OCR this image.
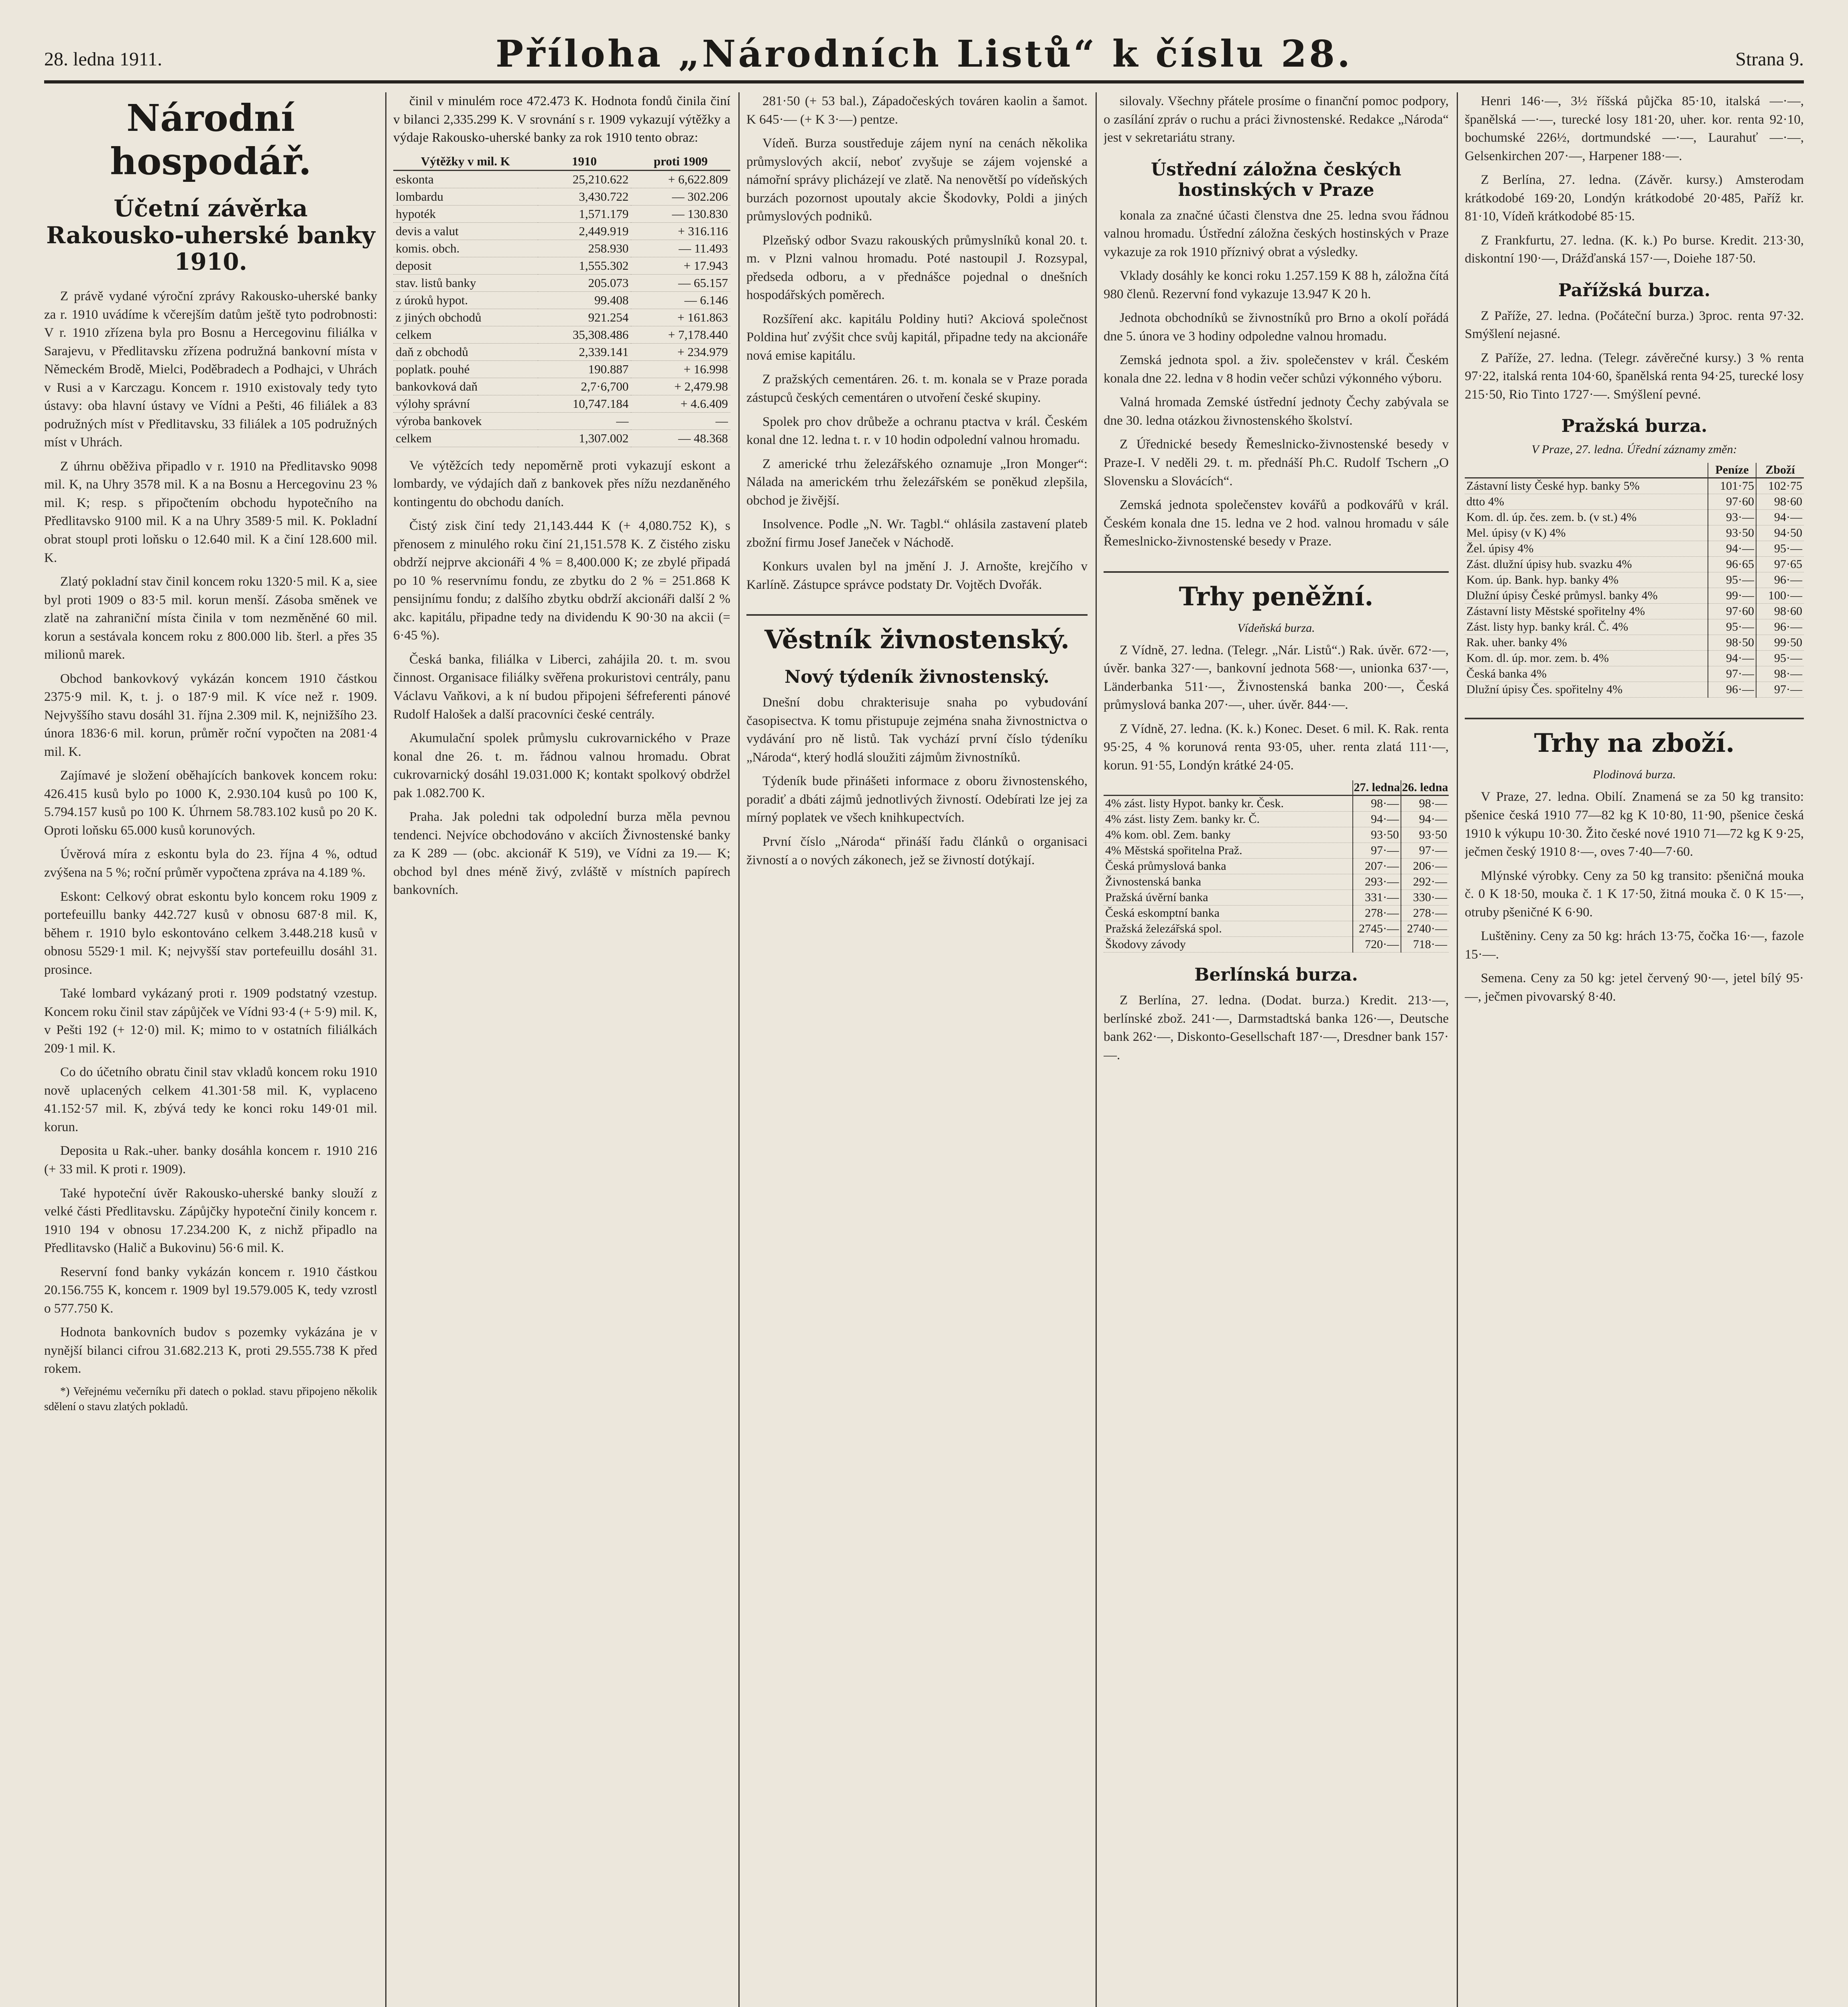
28. ledna 1911.	Příloha „Národních Listů“ k číslu 28.	Strana 9.
Národní hospodář.
Účetní závěrka Rakousko-uherské banky 1910.

Z právě vydané výroční zprávy Rakousko-uherské banky za r. 1910 uvádíme k včerejším datům ještě tyto podrobnosti: V r. 1910 zřízena byla pro Bosnu a Hercegovinu filiálka v Sarajevu, v Předlitavsku zřízena podružná bankovní místa v Německém Brodě, Mielci, Poděbradech a Podhajci, v Uhrách v Rusi a v Karczagu. Koncem r. 1910 existovaly tedy tyto ústavy: oba hlavní ústavy ve Vídni a Pešti, 46 filiálek a 83 podružných míst v Předlitavsku, 33 filiálek a 105 podružných míst v Uhrách.

Z úhrnu oběživa připadlo v r. 1910 na Předlitavsko 9098 mil. K, na Uhry 3578 mil. K a na Bosnu a Hercegovinu 23 % mil. K; resp. s připočtením obchodu hypotečního na Předlitavsko 9100 mil. K a na Uhry 3589·5 mil. K. Pokladní obrat stoupl proti loňsku o 12.640 mil. K a činí 128.600 mil. K.

Zlatý pokladní stav činil koncem roku 1320·5 mil. K a, siee byl proti 1909 o 83·5 mil. korun menší. Zásoba směnek ve zlatě na zahraniční místa činila v tom nezměněné 60 mil. korun a sestávala koncem roku z 800.000 lib. šterl. a přes 35 milionů marek.

Obchod bankovkový vykázán koncem 1910 částkou 2375·9 mil. K, t. j. o 187·9 mil. K více než r. 1909. Nejvyššího stavu dosáhl 31. října 2.309 mil. K, nejnižšího 23. února 1836·6 mil. korun, průměr roční vypočten na 2081·4 mil. K.

Zajímavé je složení oběhajících bankovek koncem roku: 426.415 kusů bylo po 1000 K, 2.930.104 kusů po 100 K, 5.794.157 kusů po 100 K. Úhrnem 58.783.102 kusů po 20 K. Oproti loňsku 65.000 kusů korunových.

Úvěrová míra z eskontu byla do 23. října 4 %, odtud zvýšena na 5 %; roční průměr vypočtena zpráva na 4.189 %.

Eskont: Celkový obrat eskontu bylo koncem roku 1909 z portefeuillu banky 442.727 kusů v obnosu 687·8 mil. K, během r. 1910 bylo eskontováno celkem 3.448.218 kusů v obnosu 5529·1 mil. K; nejvyšší stav portefeuillu dosáhl 31. prosince.

Také lombard vykázaný proti r. 1909 podstatný vzestup. Koncem roku činil stav zápůjček ve Vídni 93·4 (+ 5·9) mil. K, v Pešti 192 (+ 12·0) mil. K; mimo to v ostatních filiálkách 209·1 mil. K.

Co do účetního obratu činil stav vkladů koncem roku 1910 nově uplacených celkem 41.301·58 mil. K, vyplaceno 41.152·57 mil. K, zbývá tedy ke konci roku 149·01 mil. korun.

Deposita u Rak.-uher. banky dosáhla koncem r. 1910 216 (+ 33 mil. K proti r. 1909).

Také hypoteční úvěr Rakousko-uherské banky slouží z velké části Předlitavsku. Zápůjčky hypoteční činily koncem r. 1910 194 v obnosu 17.234.200 K, z nichž připadlo na Předlitavsko (Halič a Bukovinu) 56·6 mil. K.

Reservní fond banky vykázán koncem r. 1910 částkou 20.156.755 K, koncem r. 1909 byl 19.579.005 K, tedy vzrostl o 577.750 K.

Hodnota bankovních budov s pozemky vykázána je v nynější bilanci cifrou 31.682.213 K, proti 29.555.738 K před rokem.

*) Veřejnému večerníku při datech o poklad. stavu připojeno několik sdělení o stavu zlatých pokladů.

činil v minulém roce 472.473 K. Hodnota fondů činila činí v bilanci 2,335.299 K. V srovnání s r. 1909 vykazují výtěžky a výdaje Rakousko-uherské banky za rok 1910 tento obraz:

Výtěžky v mil. K	1910	proti 1909
eskonta	25,210.622	+ 6,622.809
lombardu	3,430.722	— 302.206
hypoték	1,571.179	— 130.830
devis a valut	2,449.919	+ 316.116
komis. obch.	258.930	— 11.493
deposit	1,555.302	+ 17.943
stav. listů banky	205.073	— 65.157
z úroků hypot.	99.408	— 6.146
z jiných obchodů	921.254	+ 161.863
celkem	35,308.486	+ 7,178.440
daň z obchodů	2,339.141	+ 234.979
poplatk. pouhé	190.887	+ 16.998
bankovková daň	2,7·6,700	+ 2,479.98
výlohy správní	10,747.184	+ 4.6.409
výroba bankovek	—	—
celkem	1,307.002	— 48.368

Ve výtěžcích tedy nepoměrně proti vykazují eskont a lombardy, ve výdajích daň z bankovek přes nížu nezdaněného kontingentu do obchodu daních.

Čistý zisk činí tedy 21,143.444 K (+ 4,080.752 K), s přenosem z minulého roku činí 21,151.578 K. Z čistého zisku obdrží nejprve akcionáři 4 % = 8,400.000 K; ze zbylé připadá po 10 % reservnímu fondu, ze zbytku do 2 % = 251.868 K pensijnímu fondu; z dalšího zbytku obdrží akcionáři další 2 % akc. kapitálu, připadne tedy na dividendu K 90·30 na akcii (= 6·45 %).

Česká banka, filiálka v Liberci, zahájila 20. t. m. svou činnost. Organisace filiálky svěřena prokuristovi centrály, panu Václavu Vaňkovi, a k ní budou připojeni šéfreferenti pánové Rudolf Halošek a další pracovníci české centrály.

Akumulační spolek průmyslu cukrovarnického v Praze konal dne 26. t. m. řádnou valnou hromadu. Obrat cukrovarnický dosáhl 19.031.000 K; kontakt spolkový obdržel pak 1.082.700 K.

Praha. Jak poledni tak odpolední burza měla pevnou tendenci. Nejvíce obchodováno v akciích Živnostenské banky za K 289 — (obc. akcionář K 519), ve Vídni za 19.— K; obchod byl dnes méně živý, zvláště v místních papírech bankovních.

281·50 (+ 53 bal.), Západočeských továren kaolin a šamot. K 645·— (+ K 3·—) pentze.

Vídeň. Burza soustředuje zájem nyní na cenách několika průmyslových akcií, neboť zvyšuje se zájem vojenské a námořní správy plicházejí ve zlatě. Na nenovětší po vídeňských burzách pozornost upoutaly akcie Škodovky, Poldi a jiných průmyslových podniků.

Plzeňský odbor Svazu rakouských průmyslníků konal 20. t. m. v Plzni valnou hromadu. Poté nastoupil J. Rozsypal, předseda odboru, a v přednášce pojednal o dnešních hospodářských poměrech.

Rozšíření akc. kapitálu Poldiny huti? Akciová společnost Poldina huť zvýšit chce svůj kapitál, připadne tedy na akcionáře nová emise kapitálu.

Z pražských cementáren. 26. t. m. konala se v Praze porada zástupců českých cementáren o utvoření české skupiny.

Spolek pro chov drůbeže a ochranu ptactva v král. Českém konal dne 12. ledna t. r. v 10 hodin odpolední valnou hromadu.

Z americké trhu železářského oznamuje „Iron Monger“: Nálada na americkém trhu železářském se poněkud zlepšila, obchod je živější.

Insolvence. Podle „N. Wr. Tagbl.“ ohlásila zastavení plateb zbožní firmu Josef Janeček v Náchodě.

Konkurs uvalen byl na jmění J. J. Arnošte, krejčího v Karlíně. Zástupce správce podstaty Dr. Vojtěch Dvořák.

Věstník živnostenský.
Nový týdeník živnostenský.

Dnešní dobu chrakterisuje snaha po vybudování časopisectva. K tomu přistupuje zejména snaha živnostnictva o vydávání pro ně listů. Tak vychází první číslo týdeníku „Národa“, který hodlá sloužiti zájmům živnostníků.

Týdeník bude přinášeti informace z oboru živnostenského, poradiť a dbáti zájmů jednotlivých živností. Odebírati lze jej za mírný poplatek ve všech knihkupectvích.

První číslo „Národa“ přináší řadu článků o organisaci živností a o nových zákonech, jež se živností dotýkají.

silovaly. Všechny přátele prosíme o finanční pomoc podpory, o zasílání zpráv o ruchu a práci živnostenské. Redakce „Národa“ jest v sekretariátu strany.

Ústřední záložna českých hostinských v Praze

konala za značné účasti členstva dne 25. ledna svou řádnou valnou hromadu. Ústřední záložna českých hostinských v Praze vykazuje za rok 1910 příznivý obrat a výsledky.

Vklady dosáhly ke konci roku 1.257.159 K 88 h, záložna čítá 980 členů. Rezervní fond vykazuje 13.947 K 20 h.

Jednota obchodníků se živnostníků pro Brno a okolí pořádá dne 5. února ve 3 hodiny odpoledne valnou hromadu.

Zemská jednota spol. a živ. společenstev v král. Českém konala dne 22. ledna v 8 hodin večer schůzi výkonného výboru.

Valná hromada Zemské ústřední jednoty Čechy zabývala se dne 30. ledna otázkou živnostenského školství.

Z Úřednické besedy Řemeslnicko-živnostenské besedy v Praze-I. V neděli 29. t. m. přednáší Ph.C. Rudolf Tschern „O Slovensku a Slovácích“.

Zemská jednota společenstev kovářů a podkovářů v král. Českém konala dne 15. ledna ve 2 hod. valnou hromadu v sále Řemeslnicko-živnostenské besedy v Praze.

Trhy peněžní.
Vídeňská burza.

Z Vídně, 27. ledna. (Telegr. „Nár. Listů“.) Rak. úvěr. 672·—, úvěr. banka 327·—, bankovní jednota 568·—, unionka 637·—, Länderbanka 511·—, Živnostenská banka 200·—, Česká průmyslová banka 207·—, uher. úvěr. 844·—.

Z Vídně, 27. ledna. (K. k.) Konec. Deset. 6 mil. K. Rak. renta 95·25, 4 % korunová renta 93·05, uher. renta zlatá 111·—, korun. 91·55, Londýn krátké 24·05.

	27. ledna	26. ledna
4% zást. listy Hypot. banky kr. Česk.	98·—	98·—
4% zást. listy Zem. banky kr. Č.	94·—	94·—
4% kom. obl. Zem. banky	93·50	93·50
4% Městská spořitelna Praž.	97·—	97·—
Česká průmyslová banka	207·—	206·—
Živnostenská banka	293·—	292·—
Pražská úvěrní banka	331·—	330·—
Česká eskomptní banka	278·—	278·—
Pražská železářská spol.	2745·—	2740·—
Škodovy závody	720·—	718·—
Berlínská burza.

Z Berlína, 27. ledna. (Dodat. burza.) Kredit. 213·—, berlínské zbož. 241·—, Darmstadtská banka 126·—, Deutsche bank 262·—, Diskonto-Gesellschaft 187·—, Dresdner bank 157·—.

Henri 146·—, 3½ říšská půjčka 85·10, italská —·—, španělská —·—, turecké losy 181·20, uher. kor. renta 92·10, bochumské 226½, dortmundské —·—, Laurahuť —·—, Gelsenkirchen 207·—, Harpener 188·—.

Z Berlína, 27. ledna. (Závěr. kursy.) Amsterodam krátkodobé 169·20, Londýn krátkodobé 20·485, Paříž kr. 81·10, Vídeň krátkodobé 85·15.

Z Frankfurtu, 27. ledna. (K. k.) Po burse. Kredit. 213·30, diskontní 190·—, Drážďanská 157·—, Doiehe 187·50.

Pařížská burza.

Z Paříže, 27. ledna. (Počáteční burza.) 3proc. renta 97·32. Smýšlení nejasné.

Z Paříže, 27. ledna. (Telegr. závěrečné kursy.) 3 % renta 97·22, italská renta 104·60, španělská renta 94·25, turecké losy 215·50, Rio Tinto 1727·—. Smýšlení pevné.

Pražská burza.
V Praze, 27. ledna. Úřední záznamy změn:
	Peníze	Zboží
Zástavní listy České hyp. banky 5%	101·75	102·75
dtto 4%	97·60	98·60
Kom. dl. úp. čes. zem. b. (v st.) 4%	93·—	94·—
Mel. úpisy (v K) 4%	93·50	94·50
Žel. úpisy 4%	94·—	95·—
Zást. dlužní úpisy hub. svazku 4%	96·65	97·65
Kom. úp. Bank. hyp. banky 4%	95·—	96·—
Dlužní úpisy České průmysl. banky 4%	99·—	100·—
Zástavní listy Městské spořitelny 4%	97·60	98·60
Zást. listy hyp. banky král. Č. 4%	95·—	96·—
Rak. uher. banky 4%	98·50	99·50
Kom. dl. úp. mor. zem. b. 4%	94·—	95·—
Česká banka 4%	97·—	98·—
Dlužní úpisy Čes. spořitelny 4%	96·—	97·—
Trhy na zboží.
Plodinová burza.

V Praze, 27. ledna. Obilí. Znamená se za 50 kg transito: pšenice česká 1910 77—82 kg K 10·80, 11·90, pšenice česká 1910 k výkupu 10·30. Žito české nové 1910 71—72 kg K 9·25, ječmen český 1910 8·—, oves 7·40—7·60.

Mlýnské výrobky. Ceny za 50 kg transito: pšeničná mouka č. 0 K 18·50, mouka č. 1 K 17·50, žitná mouka č. 0 K 15·—, otruby pšeničné K 6·90.

Luštěniny. Ceny za 50 kg: hrách 13·75, čočka 16·—, fazole 15·—.

Semena. Ceny za 50 kg: jetel červený 90·—, jetel bílý 95·—, ječmen pivovarský 8·40.
